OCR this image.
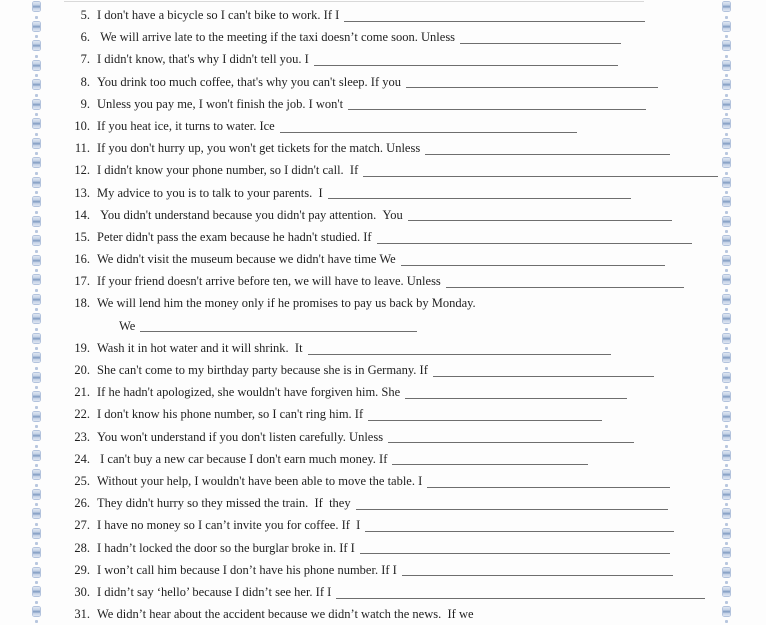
5. I don't have a bicycle so I can't bike to work. If I
6. We will arrive late to the meeting if the taxi doesn’t come soon. Unless
7. I didn't know, that's why I didn't tell you. I
8. You drink too much coffee, that's why you can't sleep. If you
9. Unless you pay me, I won't finish the job. I won't
10. If you heat ice, it turns to water. Ice
11. If you don't hurry up, you won't get tickets for the match. Unless
12. I didn't know your phone number, so I didn't call.  If
13. My advice to you is to talk to your parents.  I
14. You didn't understand because you didn't pay attention.  You
15. Peter didn't pass the exam because he hadn't studied. If
16. We didn't visit the museum because we didn't have time We
17. If your friend doesn't arrive before ten, we will have to leave. Unless
18. We will lend him the money only if he promises to pay us back by Monday.
We
19. Wash it in hot water and it will shrink.  It
20. She can't come to my birthday party because she is in Germany. If
21. If he hadn't apologized, she wouldn't have forgiven him. She
22. I don't know his phone number, so I can't ring him. If
23. You won't understand if you don't listen carefully. Unless
24. I can't buy a new car because I don't earn much money. If
25. Without your help, I wouldn't have been able to move the table. I
26. They didn't hurry so they missed the train.  If  they
27. I have no money so I can’t invite you for coffee. If  I
28. I hadn’t locked the door so the burglar broke in. If I
29. I won’t call him because I don’t have his phone number. If I
30. I didn’t say ‘hello’ because I didn’t see her. If I
31. We didn’t hear about the accident because we didn’t watch the news.  If we
